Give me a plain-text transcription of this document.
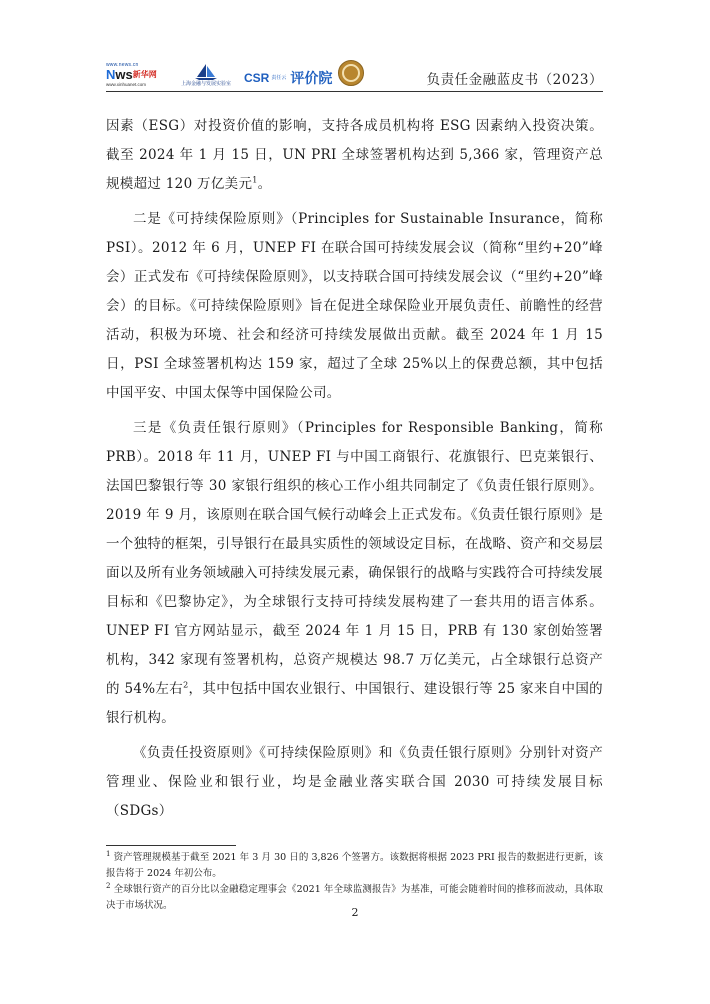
www.news.cn
Nws$^{新华网}$
www.xinhuanet.com	上海金融与发展实验室 CSR 责任云 评价院	负责任金融蓝皮书（2023）

因素（ESG）对投资价值的影响，支持各成员机构将 ESG 因素纳入投资决策。截至 2024 年 1 月 15 日，UN PRI 全球签署机构达到 5,366 家，管理资产总规模超过 120 万亿美元$^1$。

二是《可持续保险原则》（Principles for Sustainable Insurance，简称 PSI）。2012 年 6 月，UNEP FI 在联合国可持续发展会议（简称“里约+20”峰会）正式发布《可持续保险原则》，以支持联合国可持续发展会议（“里约+20”峰会）的目标。《可持续保险原则》旨在促进全球保险业开展负责任、前瞻性的经营活动，积极为环境、社会和经济可持续发展做出贡献。截至 2024 年 1 月 15 日，PSI 全球签署机构达 159 家，超过了全球 25%以上的保费总额，其中包括中国平安、中国太保等中国保险公司。

三是《负责任银行原则》（Principles for Responsible Banking，简称 PRB）。2018 年 11 月，UNEP FI 与中国工商银行、花旗银行、巴克莱银行、法国巴黎银行等 30 家银行组织的核心工作小组共同制定了《负责任银行原则》。2019 年 9 月，该原则在联合国气候行动峰会上正式发布。《负责任银行原则》是一个独特的框架，引导银行在最具实质性的领域设定目标，在战略、资产和交易层面以及所有业务领域融入可持续发展元素，确保银行的战略与实践符合可持续发展目标和《巴黎协定》，为全球银行支持可持续发展构建了一套共用的语言体系。UNEP FI 官方网站显示，截至 2024 年 1 月 15 日，PRB 有 130 家创始签署机构，342 家现有签署机构，总资产规模达 98.7 万亿美元，占全球银行总资产的 54%左右$^2$，其中包括中国农业银行、中国银行、建设银行等 25 家来自中国的银行机构。

《负责任投资原则》《可持续保险原则》和《负责任银行原则》分别针对资产管理业、保险业和银行业，均是金融业落实联合国 2030 可持续发展目标（SDGs）

$^1$ 资产管理规模基于截至 2021 年 3 月 30 日的 3,826 个签署方。该数据将根据 2023 PRI 报告的数据进行更新，该报告将于 2024 年初公布。

$^2$ 全球银行资产的百分比以金融稳定理事会《2021 年全球监测报告》为基准，可能会随着时间的推移而波动，具体取决于市场状况。

2
